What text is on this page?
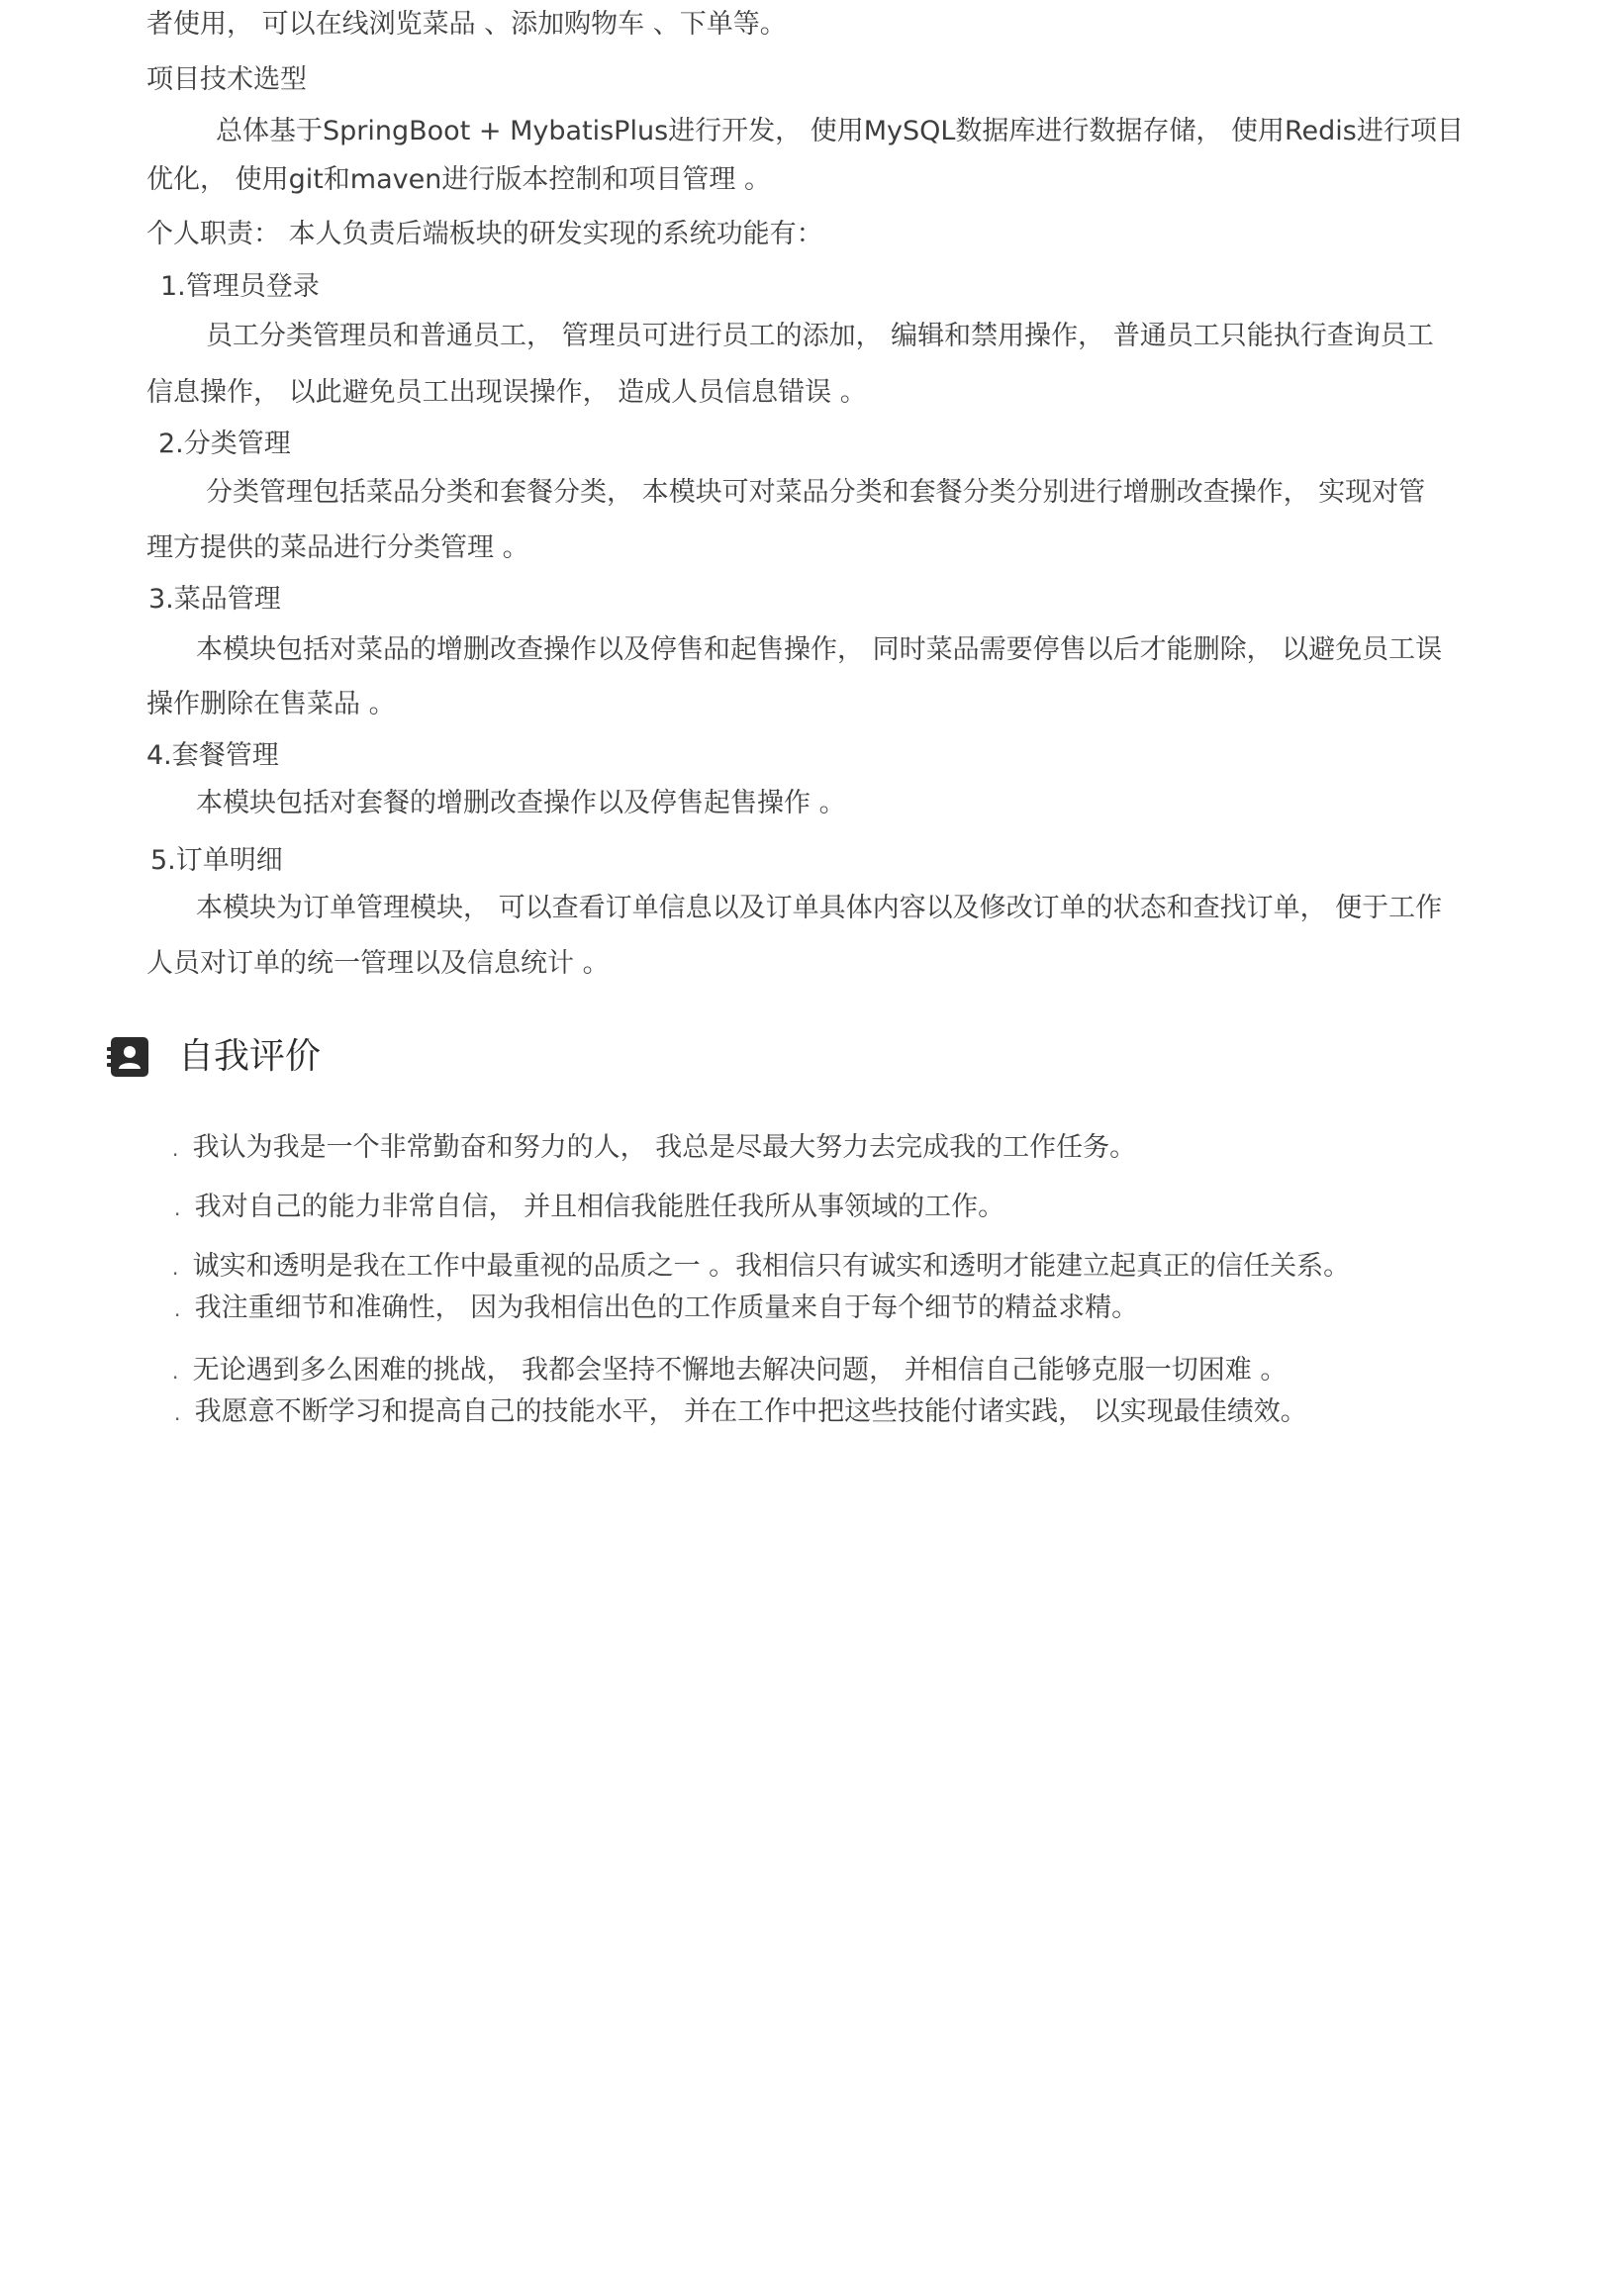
者使用， 可以在线浏览菜品 、添加购物车 、下单等。
项目技术选型
总体基于SpringBoot + MybatisPlus进行开发， 使用MySQL数据库进行数据存储， 使用Redis进行项目
优化， 使用git和maven进行版本控制和项目管理 。
个人职责： 本人负责后端板块的研发实现的系统功能有：
1.管理员登录
员工分类管理员和普通员工， 管理员可进行员工的添加， 编辑和禁用操作， 普通员工只能执行查询员工
信息操作， 以此避免员工出现误操作， 造成人员信息错误 。
2.分类管理
分类管理包括菜品分类和套餐分类， 本模块可对菜品分类和套餐分类分别进行增删改查操作， 实现对管
理方提供的菜品进行分类管理 。
3.菜品管理
本模块包括对菜品的增删改查操作以及停售和起售操作， 同时菜品需要停售以后才能删除， 以避免员工误
操作删除在售菜品 。
4.套餐管理
本模块包括对套餐的增删改查操作以及停售起售操作 。
5.订单明细
本模块为订单管理模块， 可以查看订单信息以及订单具体内容以及修改订单的状态和查找订单， 便于工作
人员对订单的统一管理以及信息统计 。
自我评价
. 我认为我是一个非常勤奋和努力的人， 我总是尽最大努力去完成我的工作任务。
. 我对自己的能力非常自信， 并且相信我能胜任我所从事领域的工作。
. 诚实和透明是我在工作中最重视的品质之一 。我相信只有诚实和透明才能建立起真正的信任关系。
. 我注重细节和准确性， 因为我相信出色的工作质量来自于每个细节的精益求精。
. 无论遇到多么困难的挑战， 我都会坚持不懈地去解决问题， 并相信自己能够克服一切困难 。
. 我愿意不断学习和提高自己的技能水平， 并在工作中把这些技能付诸实践， 以实现最佳绩效。
